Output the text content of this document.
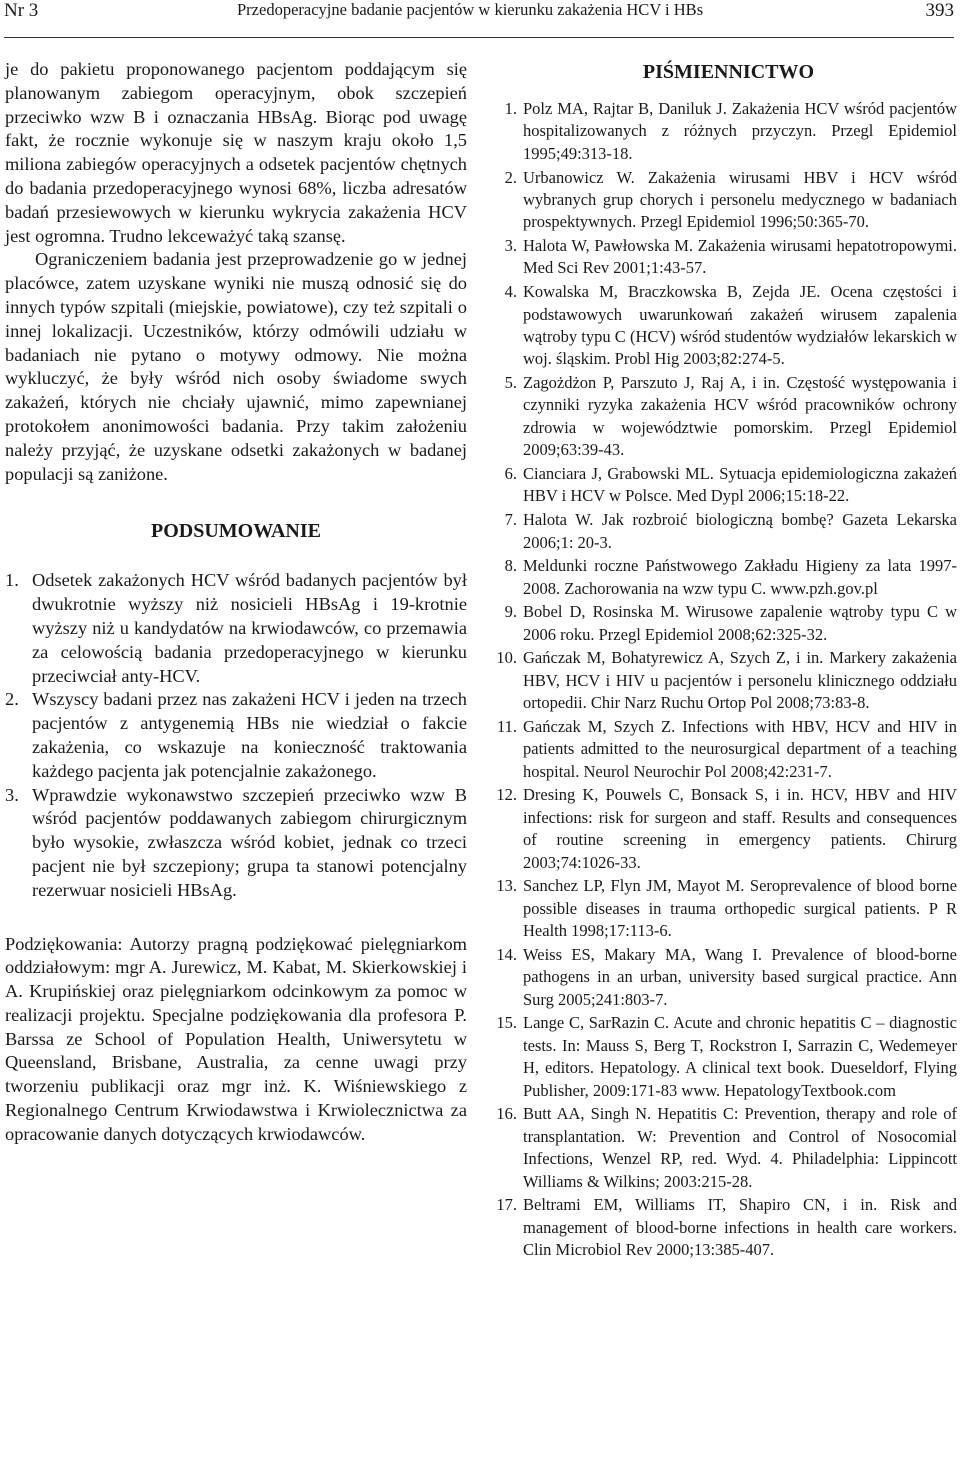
Nr 3	Przedoperacyjne badanie pacjentów w kierunku zakażenia HCV i HBs	393

je do pakietu proponowanego pacjentom poddającym się planowanym zabiegom operacyjnym, obok szczepień przeciwko wzw B i oznaczania HBsAg. Biorąc pod uwagę fakt, że rocznie wykonuje się w naszym kraju około 1,5 miliona zabiegów operacyjnych a odsetek pacjentów chętnych do badania przedoperacyjnego wynosi 68%, liczba adresatów badań przesiewowych w kierunku wykrycia zakażenia HCV jest ogromna. Trudno lekceważyć taką szansę.

Ograniczeniem badania jest przeprowadzenie go w jednej placówce, zatem uzyskane wyniki nie muszą odnosić się do innych typów szpitali (miejskie, powiatowe), czy też szpitali o innej lokalizacji. Uczestników, którzy odmówili udziału w badaniach nie pytano o motywy odmowy. Nie można wykluczyć, że były wśród nich osoby świadome swych zakażeń, których nie chciały ujawnić, mimo zapewnianej protokołem anonimowości badania. Przy takim założeniu należy przyjąć, że uzyskane odsetki zakażonych w badanej populacji są zaniżone.

PODSUMOWANIE
1. Odsetek zakażonych HCV wśród badanych pacjentów był dwukrotnie wyższy niż nosicieli HBsAg i 19-krotnie wyższy niż u kandydatów na krwiodawców, co przemawia za celowością badania przedoperacyjnego w kierunku przeciwciał anty-HCV.
2. Wszyscy badani przez nas zakażeni HCV i jeden na trzech pacjentów z antygenemią HBs nie wiedział o fakcie zakażenia, co wskazuje na konieczność traktowania każdego pacjenta jak potencjalnie zakażonego.
3. Wprawdzie wykonawstwo szczepień przeciwko wzw B wśród pacjentów poddawanych zabiegom chirurgicznym było wysokie, zwłaszcza wśród kobiet, jednak co trzeci pacjent nie był szczepiony; grupa ta stanowi potencjalny rezerwuar nosicieli HBsAg.

Podziękowania: Autorzy pragną podziękować pielęgniarkom oddziałowym: mgr A. Jurewicz, M. Kabat, M. Skierkowskiej i A. Krupińskiej oraz pielęgniarkom odcinkowym za pomoc w realizacji projektu. Specjalne podziękowania dla profesora P. Barssa ze School of Population Health, Uniwersytetu w Queensland, Brisbane, Australia, za cenne uwagi przy tworzeniu publikacji oraz mgr inż. K. Wiśniewskiego z Regionalnego Centrum Krwiodawstwa i Krwiolecznictwa za opracowanie danych dotyczących krwiodawców.

PIŚMIENNICTWO
1. Polz MA, Rajtar B, Daniluk J. Zakażenia HCV wśród pacjentów hospitalizowanych z różnych przyczyn. Przegl Epidemiol 1995;49:313-18.
2. Urbanowicz W. Zakażenia wirusami HBV i HCV wśród wybranych grup chorych i personelu medycznego w badaniach prospektywnych. Przegl Epidemiol 1996;50:365-70.
3. Halota W, Pawłowska M. Zakażenia wirusami hepatotropowymi. Med Sci Rev 2001;1:43-57.
4. Kowalska M, Braczkowska B, Zejda JE. Ocena częstości i podstawowych uwarunkowań zakażeń wirusem zapalenia wątroby typu C (HCV) wśród studentów wydziałów lekarskich w woj. śląskim. Probl Hig 2003;82:274-5.
5. Zagożdżon P, Parszuto J, Raj A, i in. Częstość występowania i czynniki ryzyka zakażenia HCV wśród pracowników ochrony zdrowia w województwie pomorskim. Przegl Epidemiol 2009;63:39-43.
6. Cianciara J, Grabowski ML. Sytuacja epidemiologiczna zakażeń HBV i HCV w Polsce. Med Dypl 2006;15:18-22.
7. Halota W. Jak rozbroić biologiczną bombę? Gazeta Lekarska 2006;1: 20-3.
8. Meldunki roczne Państwowego Zakładu Higieny za lata 1997- 2008. Zachorowania na wzw typu C. www.pzh.gov.pl
9. Bobel D, Rosinska M. Wirusowe zapalenie wątroby typu C w 2006 roku. Przegl Epidemiol 2008;62:325-32.
10. Gańczak M, Bohatyrewicz A, Szych Z, i in. Markery zakażenia HBV, HCV i HIV u pacjentów i personelu klinicznego oddziału ortopedii. Chir Narz Ruchu Ortop Pol 2008;73:83-8.
11. Gańczak M, Szych Z. Infections with HBV, HCV and HIV in patients admitted to the neurosurgical department of a teaching hospital. Neurol Neurochir Pol 2008;42:231-7.
12. Dresing K, Pouwels C, Bonsack S, i in. HCV, HBV and HIV infections: risk for surgeon and staff. Results and consequences of routine screening in emergency patients. Chirurg 2003;74:1026-33.
13. Sanchez LP, Flyn JM, Mayot M. Seroprevalence of blood borne possible diseases in trauma orthopedic surgical patients. P R Health 1998;17:113-6.
14. Weiss ES, Makary MA, Wang I. Prevalence of blood-borne pathogens in an urban, university based surgical practice. Ann Surg 2005;241:803-7.
15. Lange C, SarRazin C. Acute and chronic hepatitis C – diagnostic tests. In: Mauss S, Berg T, Rockstron I, Sarrazin C, Wedemeyer H, editors. Hepatology. A clinical text book. Dueseldorf, Flying Publisher, 2009:171-83 www. HepatologyTextbook.com
16. Butt AA, Singh N. Hepatitis C: Prevention, therapy and role of transplantation. W: Prevention and Control of Nosocomial Infections, Wenzel RP, red. Wyd. 4. Philadelphia: Lippincott Williams & Wilkins; 2003:215-28.
17. Beltrami EM, Williams IT, Shapiro CN, i in. Risk and management of blood-borne infections in health care workers. Clin Microbiol Rev 2000;13:385-407.
